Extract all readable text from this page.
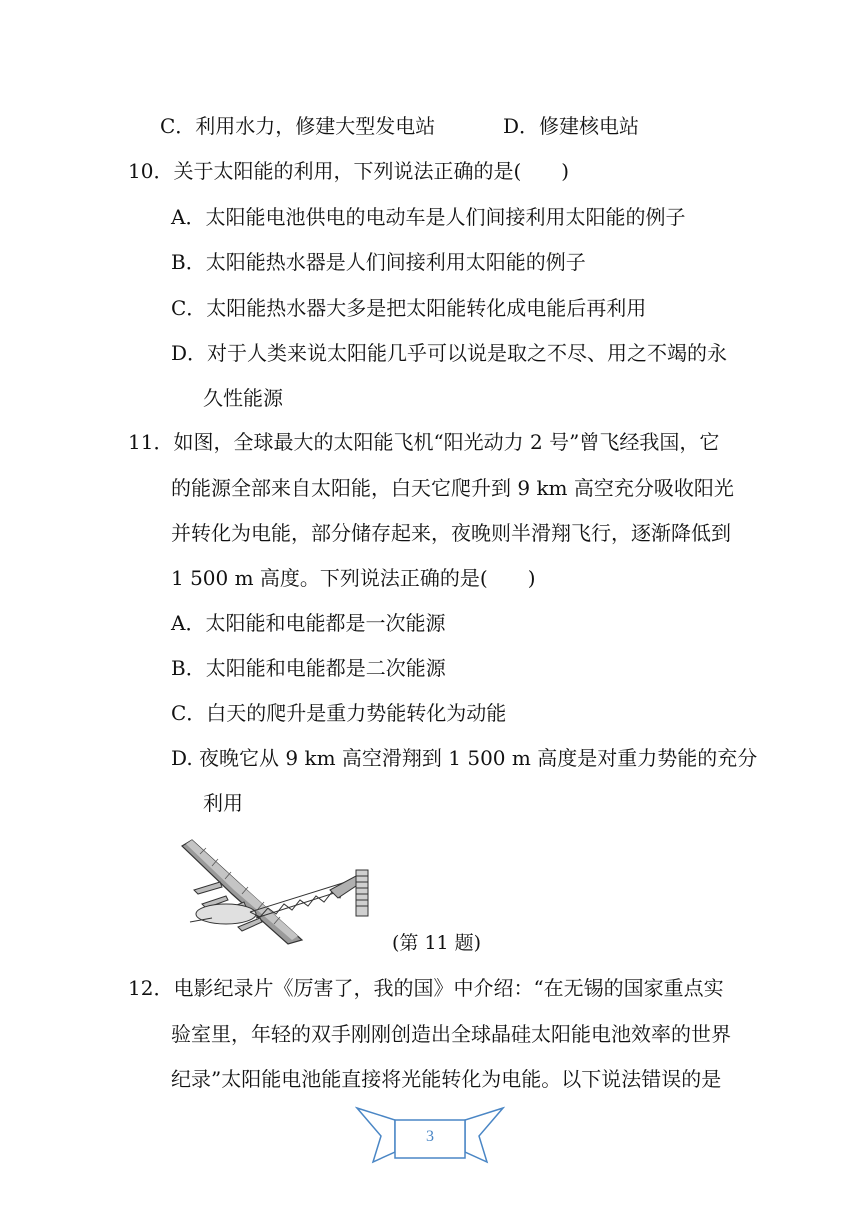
C．利用水力，修建大型发电站	D．修建核电站
10．关于太阳能的利用，下列说法正确的是(　　)
A．太阳能电池供电的电动车是人们间接利用太阳能的例子
B．太阳能热水器是人们间接利用太阳能的例子
C．太阳能热水器大多是把太阳能转化成电能后再利用
D．对于人类来说太阳能几乎可以说是取之不尽、用之不竭的永
久性能源
11．如图，全球最大的太阳能飞机“阳光动力 2 号”曾飞经我国，它
的能源全部来自太阳能，白天它爬升到 9 km 高空充分吸收阳光
并转化为电能，部分储存起来，夜晚则半滑翔飞行，逐渐降低到
1 500 m 高度。下列说法正确的是(　　)
A．太阳能和电能都是一次能源
B．太阳能和电能都是二次能源
C．白天的爬升是重力势能转化为动能
D. 夜晚它从 9 km 高空滑翔到 1 500 m 高度是对重力势能的充分
利用
(第 11 题)
12．电影纪录片《厉害了，我的国》中介绍：“在无锡的国家重点实
验室里，年轻的双手刚刚创造出全球晶硅太阳能电池效率的世界
纪录”太阳能电池能直接将光能转化为电能。以下说法错误的是
3
